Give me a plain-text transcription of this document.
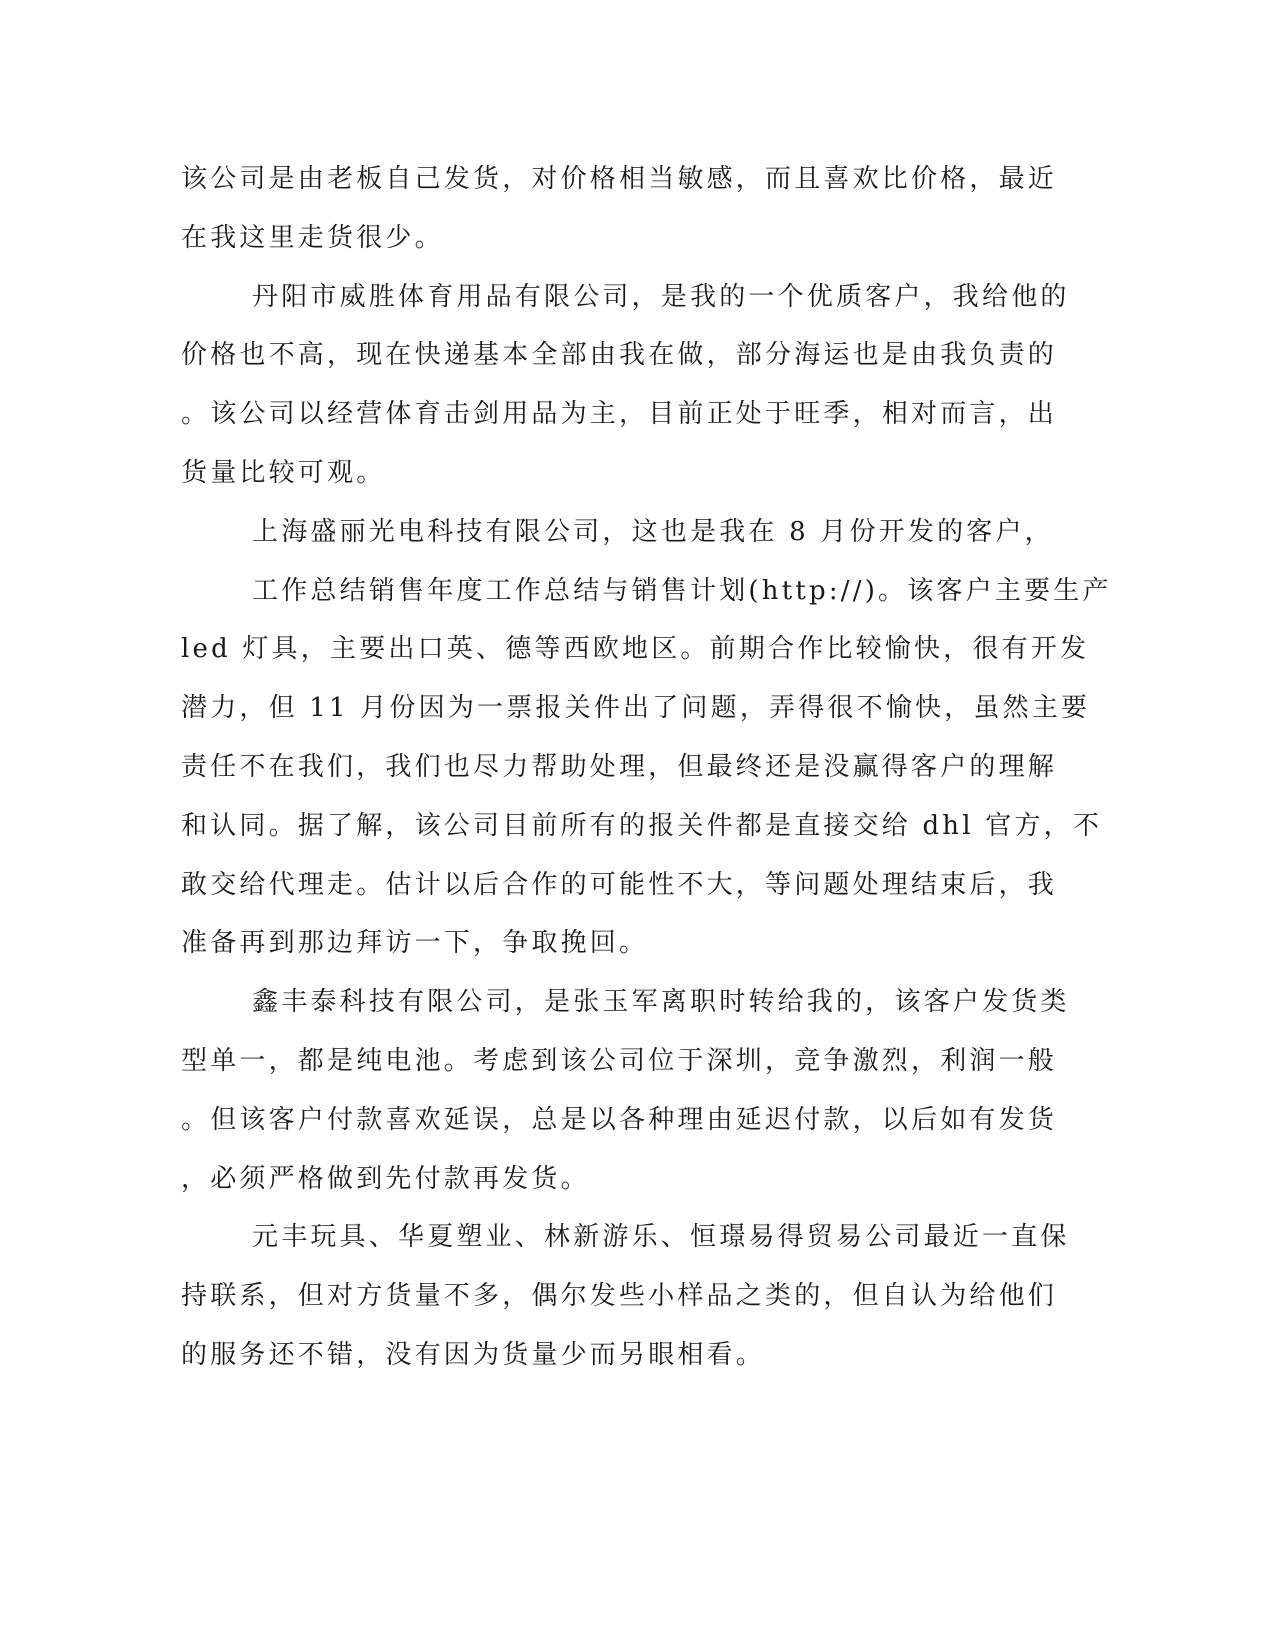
该公司是由老板自己发货，对价格相当敏感，而且喜欢比价格，最近
在我这里走货很少。
丹阳市威胜体育用品有限公司，是我的一个优质客户，我给他的
价格也不高，现在快递基本全部由我在做，部分海运也是由我负责的
。该公司以经营体育击剑用品为主，目前正处于旺季，相对而言，出
货量比较可观。
上海盛丽光电科技有限公司，这也是我在 8 月份开发的客户，
工作总结销售年度工作总结与销售计划(http://)。该客户主要生产
led 灯具，主要出口英、德等西欧地区。前期合作比较愉快，很有开发
潜力，但 11 月份因为一票报关件出了问题，弄得很不愉快，虽然主要
责任不在我们，我们也尽力帮助处理，但最终还是没赢得客户的理解
和认同。据了解，该公司目前所有的报关件都是直接交给 dhl 官方，不
敢交给代理走。估计以后合作的可能性不大，等问题处理结束后，我
准备再到那边拜访一下，争取挽回。
鑫丰泰科技有限公司，是张玉军离职时转给我的，该客户发货类
型单一，都是纯电池。考虑到该公司位于深圳，竞争激烈，利润一般
。但该客户付款喜欢延误，总是以各种理由延迟付款，以后如有发货
，必须严格做到先付款再发货。
元丰玩具、华夏塑业、林新游乐、恒璟易得贸易公司最近一直保
持联系，但对方货量不多，偶尔发些小样品之类的，但自认为给他们
的服务还不错，没有因为货量少而另眼相看。
